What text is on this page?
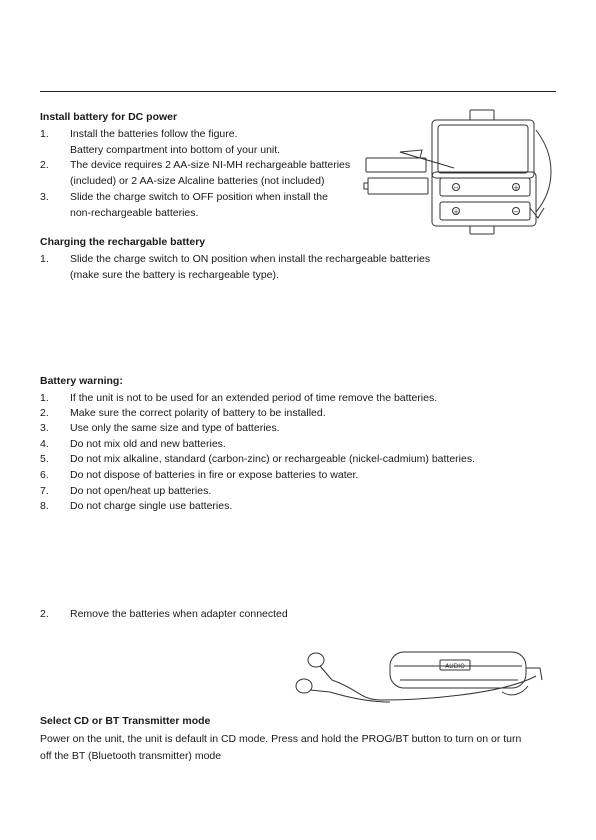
Install battery for DC power
1. Install the batteries follow the figure.
Battery compartment into bottom of your unit.
2. The device requires 2 AA-size NI-MH rechargeable batteries
(included) or 2 AA-size Alcaline batteries (not included)
3. Slide the charge switch to OFF position when install the
non-rechargeable batteries.
−	+
+	−
Charging the rechargable battery
1. Slide the charge switch to ON position when install the rechargeable batteries
(make sure the battery is rechargeable type).
Battery warning:
1. If the unit is not to be used for an extended period of time remove the batteries.
2. Make sure the correct polarity of battery to be installed.
3. Use only the same size and type of batteries.
4. Do not mix old and new batteries.
5. Do not mix alkaline, standard (carbon-zinc) or rechargeable (nickel-cadmium) batteries.
6. Do not dispose of batteries in fire or expose batteries to water.
7. Do not open/heat up batteries.
8. Do not charge single use batteries.
2. Remove the batteries when adapter connected
AUDIO
Select CD or BT Transmitter mode
Power on the unit, the unit is default in CD mode. Press and hold the PROG/BT button to turn on or turn
off the BT (Bluetooth transmitter) mode
